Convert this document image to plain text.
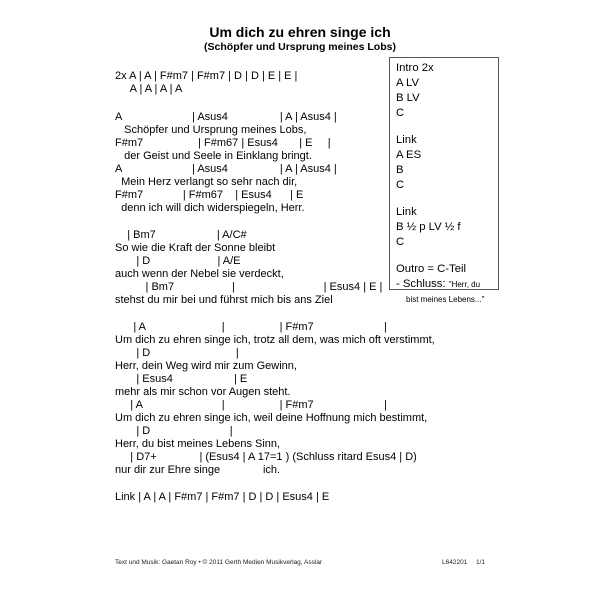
Um dich zu ehren singe ich
(Schöpfer und Ursprung meines Lobs)
2x A | A | F#m7 | F#m7 | D | D | E | E |
A | A | A | A
A                       | Asus4                 | A | Asus4 |
Schöpfer und Ursprung meines Lobs,
F#m7                  | F#m67 | Esus4       | E     |
der Geist und Seele in Einklang bringt.
A                       | Asus4                 | A | Asus4 |
Mein Herz verlangt so sehr nach dir,
F#m7             | F#m67    | Esus4      | E
denn ich will dich widerspiegeln, Herr.
| Bm7                    | A/C#
So wie die Kraft der Sonne bleibt
| D                      | A/E
auch wenn der Nebel sie verdeckt,
| Bm7                   |                             | Esus4 | E |
stehst du mir bei und führst mich bis ans Ziel
| A                         |                  | F#m7                       |
Um dich zu ehren singe ich, trotz all dem, was mich oft verstimmt,
| D                            |
Herr, dein Weg wird mir zum Gewinn,
| Esus4                    | E
mehr als mir schon vor Augen steht.
| A                          |                  | F#m7                       |
Um dich zu ehren singe ich, weil deine Hoffnung mich bestimmt,
| D                          |
Herr, du bist meines Lebens Sinn,
| D7+              | (Esus4 | A 17=1 ) (Schluss ritard Esus4 | D)
nur dir zur Ehre singe              ich.
Link | A | A | F#m7 | F#m7 | D | D | Esus4 | E
- Schluss: "Herr, du
bist meines Lebens..."
Intro 2x
A LV
B LV
C
Link
A ES
B
C
Link
B ½ p LV ½ f
C
Outro = C-Teil
Text und Musik: Gaetan Roy • © 2011 Gerth Medien Musikverlag, Asslar	L642201 1/1
